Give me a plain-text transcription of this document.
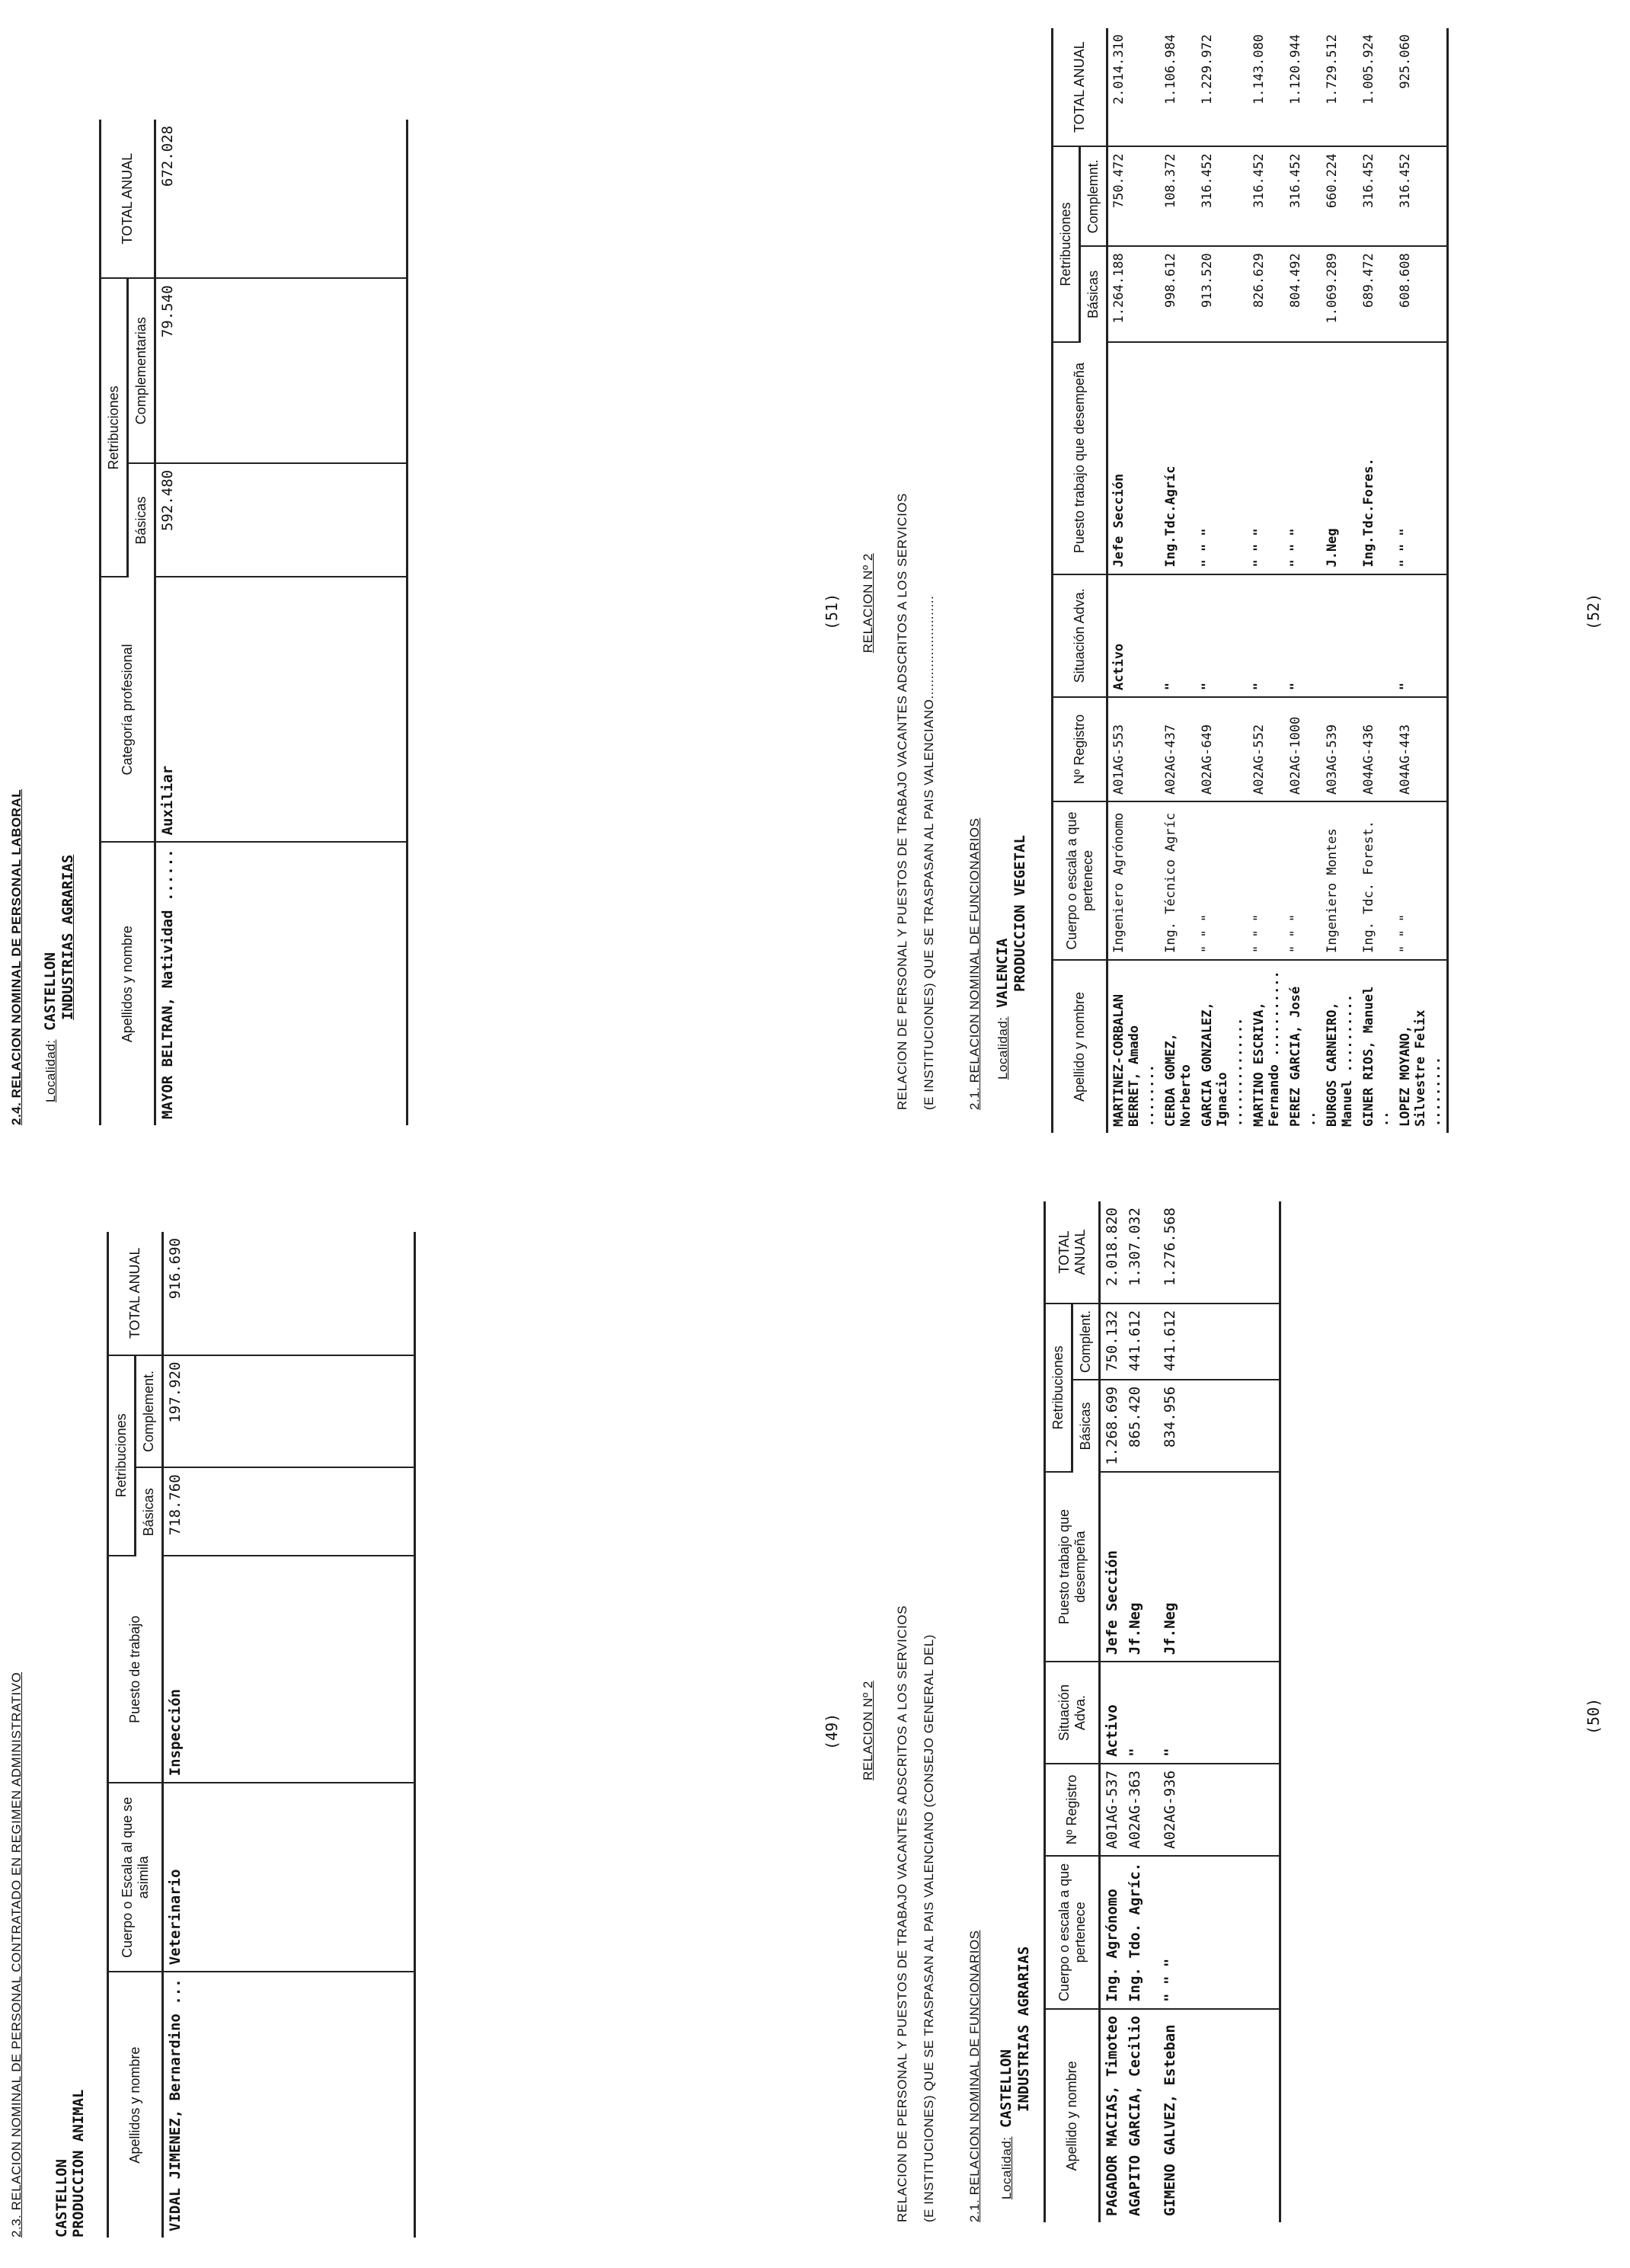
2.3. RELACION NOMINAL DE PERSONAL CONTRATADO EN REGIMEN ADMINISTRATIVO CASTELLON PRODUCCION ANIMAL	Apellidos y nombre	Cuerpo o Escala al que se asimila	Puesto de trabajo	Retribuciones		TOTAL ANUAL
			Básicas	Complement.	
VIDAL JIMENEZ, Bernardino ...	Veterinario	Inspección	718.760	197.920	916.690
(49)
2.4. RELACION NOMINAL DE PERSONAL LABORAL Localidad: CASTELLON INDUSTRIAS AGRARIAS	Apellidos y nombre	Categoría profesional	Retribuciones		TOTAL ANUAL
		Básicas	Complementarias	
MAYOR BELTRAN, Natividad ......	Auxiliar	592.480	79.540	672.028
(51)
RELACION Nº 2 RELACION DE PERSONAL Y PUESTOS DE TRABAJO VACANTES ADSCRITOS A LOS SERVICIOS (E INSTITUCIONES) QUE SE TRASPASAN AL PAIS VALENCIANO (CONSEJO GENERAL DEL) 2.1. RELACION NOMINAL DE FUNCIONARIOS Localidad: CASTELLON INDUSTRIAS AGRARIAS
Apellido y nombre	Cuerpo o escala a que pertenece	Nº Registro	Situación Adva.	Puesto trabajo que desempeña	Retribuciones		TOTAL ANUAL
					Básicas	Complent.	
PAGADOR MACIAS, Timoteo	Ing. Agrónomo	A01AG-537	Activo	Jefe Sección	1.268.699	750.132	2.018.820
AGAPITO GARCIA, Cecilio	Ing. Tdo. Agríc.	A02AG-363	"	Jf.Neg	865.420	441.612	1.307.032
GIMENO GALVEZ, Esteban	" " "	A02AG-936	"	Jf.Neg	834.956	441.612	1.276.568
(50)
RELACION Nº 2 RELACION DE PERSONAL Y PUESTOS DE TRABAJO VACANTES ADSCRITOS A LOS SERVICIOS (E INSTITUCIONES) QUE SE TRASPASAN AL PAIS VALENCIANO.......................... 2.1. RELACION NOMINAL DE FUNCIONARIOS Localidad: VALENCIA PRODUCCION VEGETAL
Apellido y nombre	Cuerpo o escala a que pertenece	Nº Registro	Situación Adva.	Puesto trabajo que desempeña	Retribuciones		TOTAL ANUAL
					Básicas	Complemnt.	
MARTINEZ-CORBALAN BERRET, Amado ........	Ingeniero Agrónomo	A01AG-553	Activo	Jefe Sección	1.264.188	750.472	2.014.310
CERDA GOMEZ, Norberto	Ing. Técnico Agríc	A02AG-437	"	Ing.Tdc.Agríc	998.612	108.372	1.106.984
GARCIA GONZALEZ, Ignacio ..............	" " "	A02AG-649	"	" " "	913.520	316.452	1.229.972
MARTINO ESCRIVA, Fernando ...........	" " "	A02AG-552	"	" " "	826.629	316.452	1.143.080
PEREZ GARCIA, José ..	" " "	A02AG-1000	"	" " "	804.492	316.452	1.120.944
BURGOS CARNEIRO, Manuel ..........	Ingeniero Montes	A03AG-539		J.Neg	1.069.289	660.224	1.729.512
GINER RIOS, Manuel ..	Ing. Tdc. Forest.	A04AG-436		Ing.Tdc.Fores.	689.472	316.452	1.005.924
LOPEZ MOYANO, Silvestre Felix .........	" " "	A04AG-443	"	" " "	608.608	316.452	925.060
(52)
